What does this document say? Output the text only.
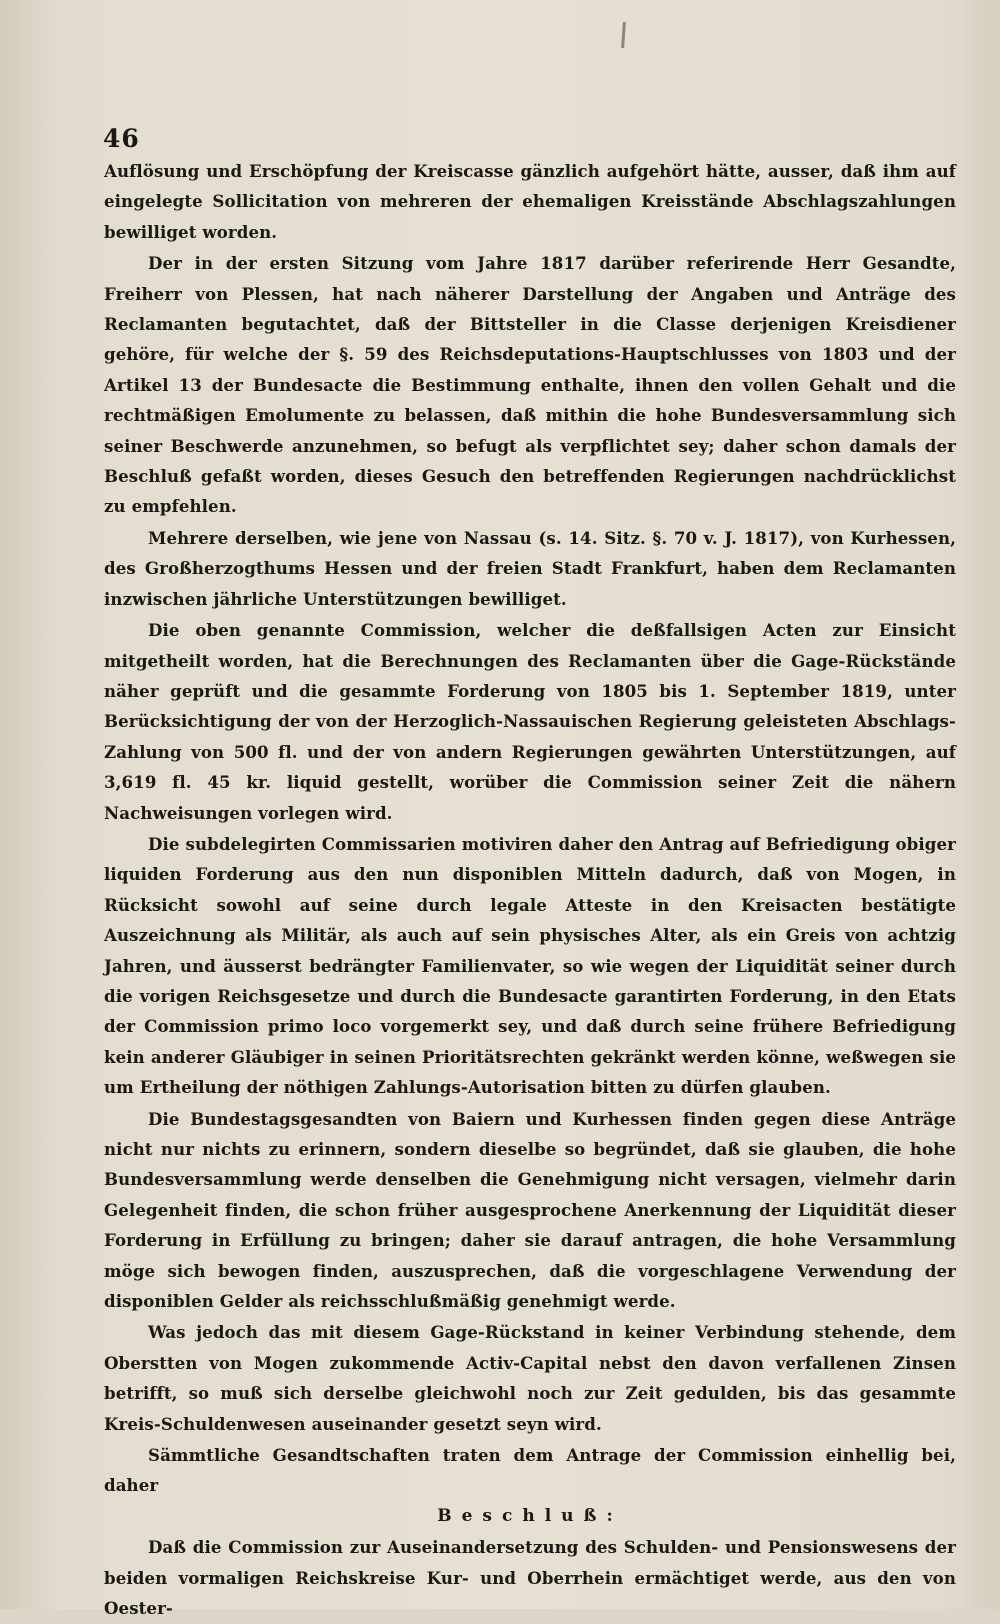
46

Auflösung und Erschöpfung der Kreiscasse gänzlich aufgehört hätte, ausser, daß ihm auf eingelegte Sollicitation von mehreren der ehemaligen Kreisstände Abschlagszahlungen bewilliget worden.

Der in der ersten Sitzung vom Jahre 1817 darüber referirende Herr Gesandte, Freiherr von Plessen, hat nach näherer Darstellung der Angaben und Anträge des Reclamanten begutachtet, daß der Bittsteller in die Classe derjenigen Kreisdiener gehöre, für welche der §. 59 des Reichsdeputations-Hauptschlusses von 1803 und der Artikel 13 der Bundesacte die Bestimmung enthalte, ihnen den vollen Gehalt und die rechtmäßigen Emolumente zu belassen, daß mithin die hohe Bundesversammlung sich seiner Beschwerde anzunehmen, so befugt als verpflichtet sey; daher schon damals der Beschluß gefaßt worden, dieses Gesuch den betreffenden Regierungen nachdrücklichst zu empfehlen.

Mehrere derselben, wie jene von Nassau (s. 14. Sitz. §. 70 v. J. 1817), von Kurhessen, des Großherzogthums Hessen und der freien Stadt Frankfurt, haben dem Reclamanten inzwischen jährliche Unterstützungen bewilliget.

Die oben genannte Commission, welcher die deßfallsigen Acten zur Einsicht mitgetheilt worden, hat die Berechnungen des Reclamanten über die Gage-Rückstände näher geprüft und die gesammte Forderung von 1805 bis 1. September 1819, unter Berücksichtigung der von der Herzoglich-Nassauischen Regierung geleisteten Abschlags-Zahlung von 500 fl. und der von andern Regierungen gewährten Unterstützungen, auf 3,619 fl. 45 kr. liquid gestellt, worüber die Commission seiner Zeit die nähern Nachweisungen vorlegen wird.

Die subdelegirten Commissarien motiviren daher den Antrag auf Befriedigung obiger liquiden Forderung aus den nun disponiblen Mitteln dadurch, daß von Mogen, in Rücksicht sowohl auf seine durch legale Atteste in den Kreisacten bestätigte Auszeichnung als Militär, als auch auf sein physisches Alter, als ein Greis von achtzig Jahren, und äusserst bedrängter Familienvater, so wie wegen der Liquidität seiner durch die vorigen Reichsgesetze und durch die Bundesacte garantirten Forderung, in den Etats der Commission primo loco vorgemerkt sey, und daß durch seine frühere Befriedigung kein anderer Gläubiger in seinen Prioritätsrechten gekränkt werden könne, weßwegen sie um Ertheilung der nöthigen Zahlungs-Autorisation bitten zu dürfen glauben.

Die Bundestagsgesandten von Baiern und Kurhessen finden gegen diese Anträge nicht nur nichts zu erinnern, sondern dieselbe so begründet, daß sie glauben, die hohe Bundesversammlung werde denselben die Genehmigung nicht versagen, vielmehr darin Gelegenheit finden, die schon früher ausgesprochene Anerkennung der Liquidität dieser Forderung in Erfüllung zu bringen; daher sie darauf antragen, die hohe Versammlung möge sich bewogen finden, auszusprechen, daß die vorgeschlagene Verwendung der disponiblen Gelder als reichsschlußmäßig genehmigt werde.

Was jedoch das mit diesem Gage-Rückstand in keiner Verbindung stehende, dem Oberstten von Mogen zukommende Activ-Capital nebst den davon verfallenen Zinsen betrifft, so muß sich derselbe gleichwohl noch zur Zeit gedulden, bis das gesammte Kreis-Schuldenwesen auseinander gesetzt seyn wird.

Sämmtliche Gesandtschaften traten dem Antrage der Commission einhellig bei, daher

Beschluß:

Daß die Commission zur Auseinandersetzung des Schulden- und Pensionswesens der beiden vormaligen Reichskreise Kur- und Oberrhein ermächtiget werde, aus den von Oester-
